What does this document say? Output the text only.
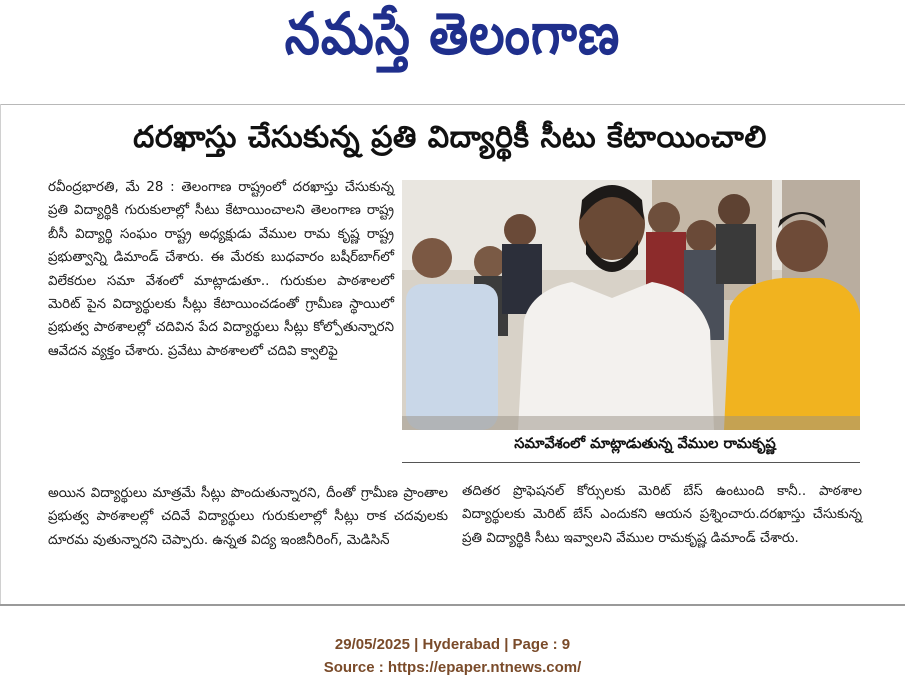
నమస్తే తెలంగాణ
దరఖాస్తు చేసుకున్న ప్రతి విద్యార్థికీ సీటు కేటాయించాలి

రవీంద్రభారతి, మే 28 : తెలంగాణ రాష్ట్రంలో దరఖాస్తు చేసుకున్న ప్రతి విద్యార్థికి గురుకులాల్లో సీటు కేటాయించాలని తెలంగాణ రాష్ట్ర బీసీ విద్యార్థి సంఘం రాష్ట్ర అధ్యక్షుడు వేముల రామ కృష్ణ రాష్ట్ర ప్రభుత్వాన్ని డిమాండ్ చేశారు. ఈ మేరకు బుధవారం బషీర్‌బాగ్‌లో విలేకరుల సమా వేశంలో మాట్లాడుతూ.. గురుకుల పాఠశాలలో మెరిట్ పైన విద్యార్థులకు సీట్లు కేటాయించడంతో గ్రామీణ స్థాయిలో ప్రభుత్వ పాఠశాలల్లో చదివిన పేద విద్యార్థులు సీట్లు కోల్పోతున్నారని ఆవేదన వ్యక్తం చేశారు. ప్రవేటు పాఠశాలలో చదివి క్వాలిఫై

అయిన విద్యార్థులు మాత్రమే సీట్లు పొందుతున్నారని, దీంతో గ్రామీణ ప్రాంతాల ప్రభుత్వ పాఠశాలల్లో చదివే విద్యార్థులు గురుకులాల్లో సీట్లు రాక చదవులకు దూరమ వుతున్నారని చెప్పారు. ఉన్నత విద్య ఇంజినీరింగ్, మెడిసిన్

సమావేశంలో మాట్లాడుతున్న వేముల రామకృష్ణ

తదితర ప్రొఫెషనల్ కోర్సులకు మెరిట్ బేస్ ఉంటుంది కానీ.. పాఠశాల విద్యార్థులకు మెరిట్ బేస్ ఎందుకని ఆయన ప్రశ్నించారు.దరఖాస్తు చేసుకున్న ప్రతి విద్యార్థికి సీటు ఇవ్వాలని వేముల రామకృష్ణ డిమాండ్ చేశారు.

29/05/2025 | Hyderabad | Page : 9
Source : https://epaper.ntnews.com/
